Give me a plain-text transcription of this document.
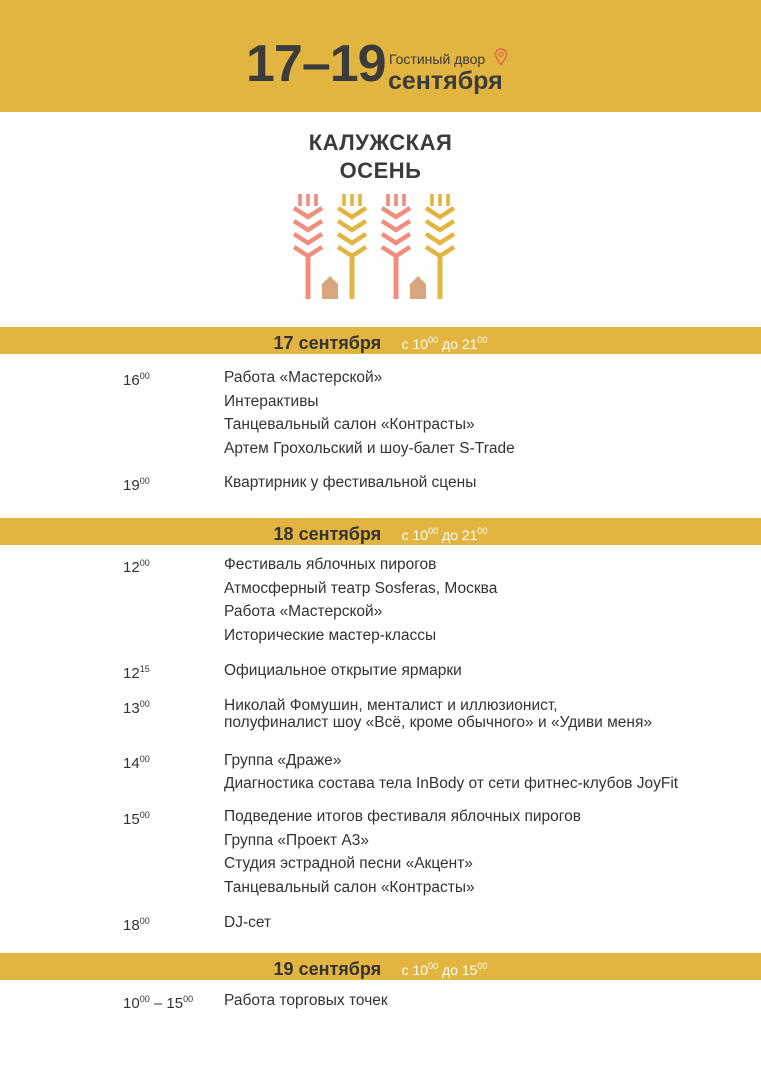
17–19 Гостиный двор
сентября
КАЛУЖСКАЯ
ОСЕНЬ
17 сентября с $10^{00}$ до $21^{00}$
$16^{00}$	Работа «Мастерской»
Интерактивы
Танцевальный салон «Контрасты»
Артем Грохольский и шоу-балет S-Trade
$19^{00}$	Квартирник у фестивальной сцены
18 сентября с $10^{00}$ до $21^{00}$
$12^{00}$	Фестиваль яблочных пирогов
Атмосферный театр Sosferas, Москва
Работа «Мастерской»
Исторические мастер-классы
$12^{15}$	Официальное открытие ярмарки
$13^{00}$	Николай Фомушин, менталист и иллюзионист,
полуфиналист шоу «Всё, кроме обычного» и «Удиви меня»
$14^{00}$	Группа «Драже»
Диагностика состава тела InBody от сети фитнес-клубов JoyFit
$15^{00}$	Подведение итогов фестиваля яблочных пирогов
Группа «Проект А3»
Студия эстрадной песни «Акцент»
Танцевальный салон «Контрасты»
$18^{00}$	DJ-сет
19 сентября с $10^{00}$ до $15^{00}$
$10^{00} - 15^{00}$ Работа торговых точек
